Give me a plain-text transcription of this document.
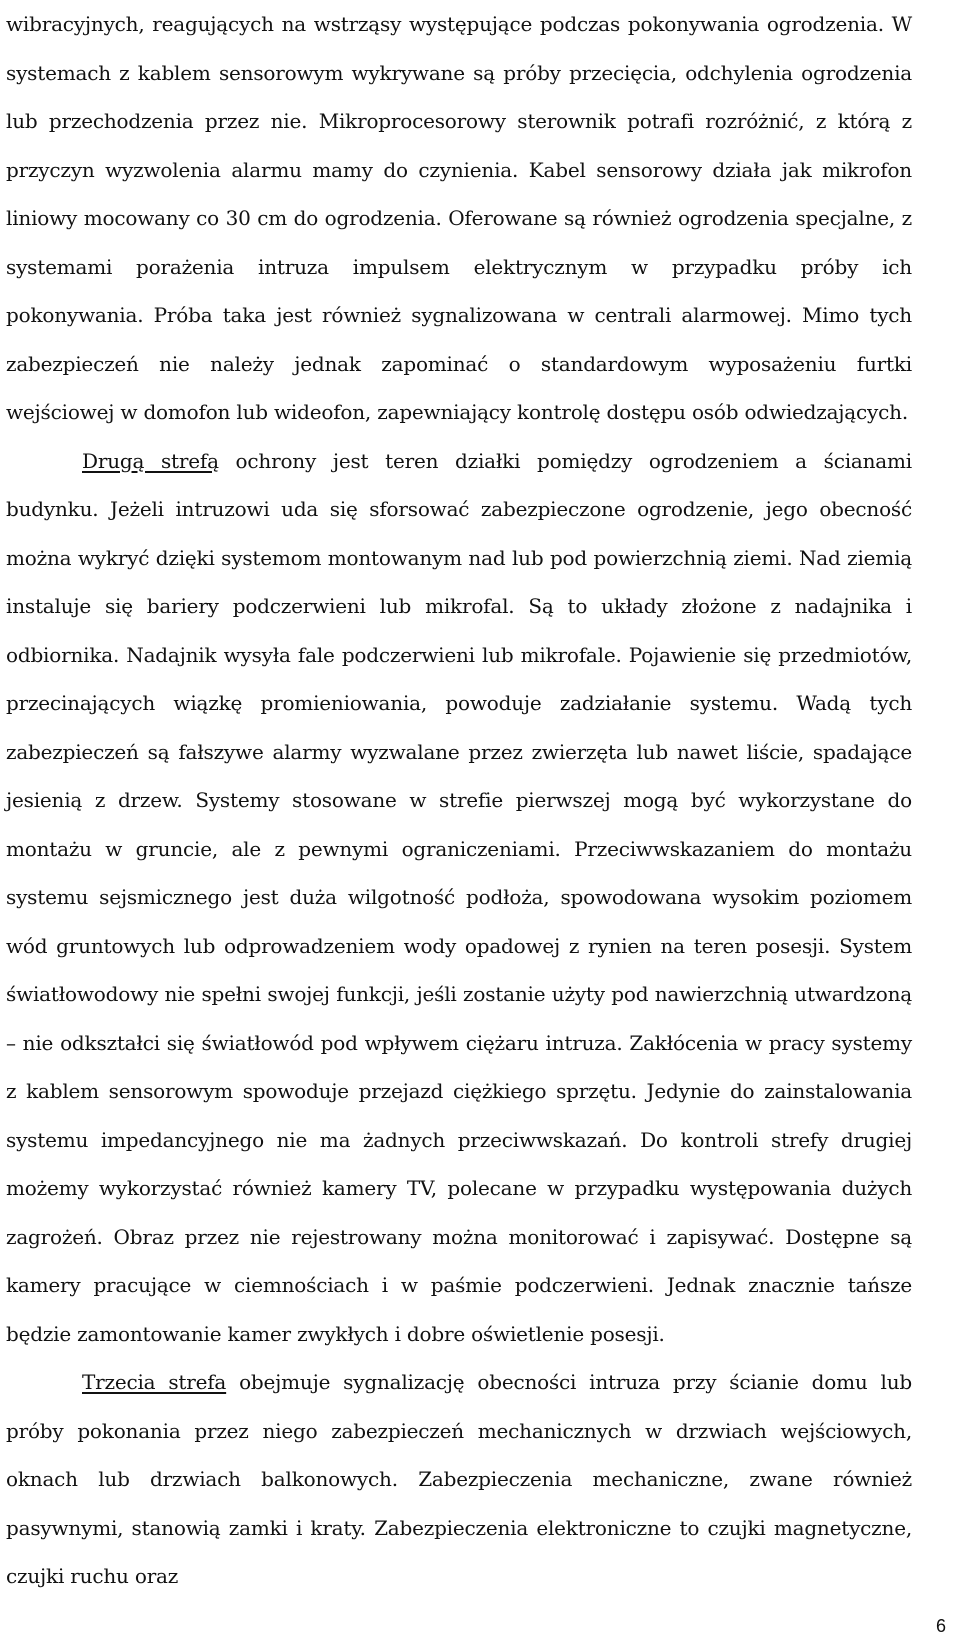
wibracyjnych, reagujących na wstrząsy występujące podczas pokonywania ogrodzenia. W systemach z kablem sensorowym wykrywane są próby przecięcia, odchylenia ogrodzenia lub przechodzenia przez nie. Mikroprocesorowy sterownik potrafi rozróżnić, z którą z przyczyn wyzwolenia alarmu mamy do czynienia. Kabel sensorowy działa jak mikrofon liniowy mocowany co 30 cm do ogrodzenia. Oferowane są również ogrodzenia specjalne, z systemami porażenia intruza impulsem elektrycznym w przypadku próby ich pokonywania. Próba taka jest również sygnalizowana w centrali alarmowej. Mimo tych zabezpieczeń nie należy jednak zapominać o standardowym wyposażeniu furtki wejściowej w domofon lub wideofon, zapewniający kontrolę dostępu osób odwiedzających.

Drugą strefą ochrony jest teren działki pomiędzy ogrodzeniem a ścianami budynku. Jeżeli intruzowi uda się sforsować zabezpieczone ogrodzenie, jego obecność można wykryć dzięki systemom montowanym nad lub pod powierzchnią ziemi. Nad ziemią instaluje się bariery podczerwieni lub mikrofal. Są to układy złożone z nadajnika i odbiornika. Nadajnik wysyła fale podczerwieni lub mikrofale. Pojawienie się przedmiotów, przecinających wiązkę promieniowania, powoduje zadziałanie systemu. Wadą tych zabezpieczeń są fałszywe alarmy wyzwalane przez zwierzęta lub nawet liście, spadające jesienią z drzew. Systemy stosowane w strefie pierwszej mogą być wykorzystane do montażu w gruncie, ale z pewnymi ograniczeniami. Przeciwwskazaniem do montażu systemu sejsmicznego jest duża wilgotność podłoża, spowodowana wysokim poziomem wód gruntowych lub odprowadzeniem wody opadowej z rynien na teren posesji. System światłowodowy nie spełni swojej funkcji, jeśli zostanie użyty pod nawierzchnią utwardzoną – nie odkształci się światłowód pod wpływem ciężaru intruza. Zakłócenia w pracy systemy z kablem sensorowym spowoduje przejazd ciężkiego sprzętu. Jedynie do zainstalowania systemu impedancyjnego nie ma żadnych przeciwwskazań. Do kontroli strefy drugiej możemy wykorzystać również kamery TV, polecane w przypadku występowania dużych zagrożeń. Obraz przez nie rejestrowany można monitorować i zapisywać. Dostępne są kamery pracujące w ciemnościach i w paśmie podczerwieni. Jednak znacznie tańsze będzie zamontowanie kamer zwykłych i dobre oświetlenie posesji.

Trzecia strefa obejmuje sygnalizację obecności intruza przy ścianie domu lub próby pokonania przez niego zabezpieczeń mechanicznych w drzwiach wejściowych, oknach lub drzwiach balkonowych. Zabezpieczenia mechaniczne, zwane również pasywnymi, stanowią zamki i kraty. Zabezpieczenia elektroniczne to czujki magnetyczne, czujki ruchu oraz

6
